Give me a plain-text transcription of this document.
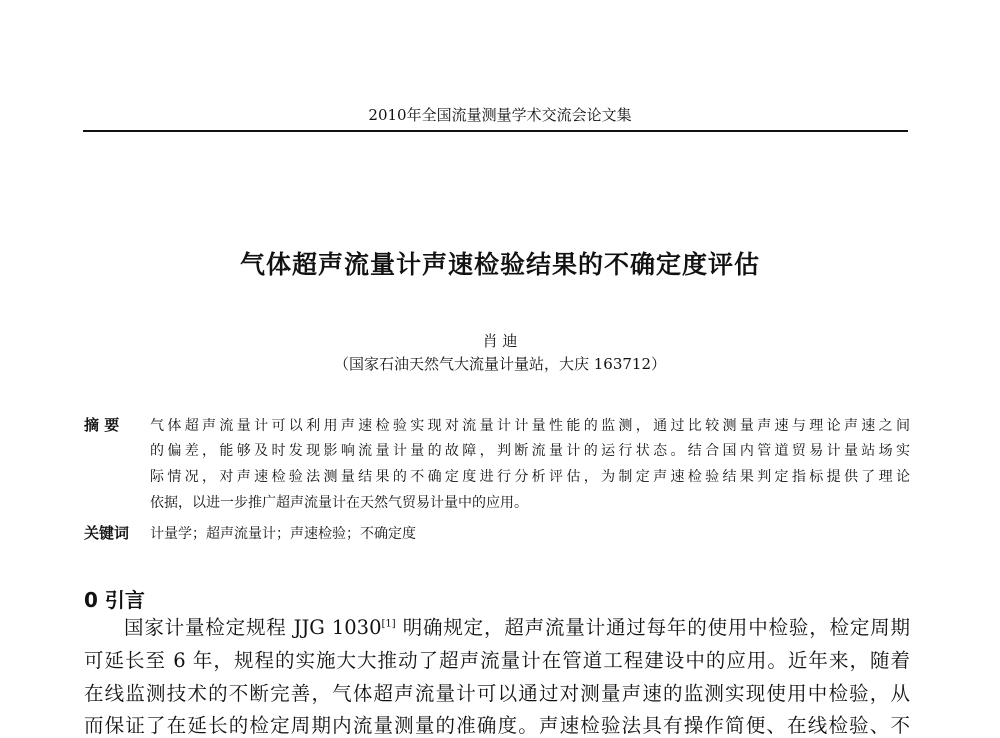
2010年全国流量测量学术交流会论文集
气体超声流量计声速检验结果的不确定度评估
肖 迪
（国家石油天然气大流量计量站，大庆 163712）
摘 要 气体超声流量计可以利用声速检验实现对流量计计量性能的监测，通过比较测量声速与理论声速之间
的偏差，能够及时发现影响流量计量的故障，判断流量计的运行状态。结合国内管道贸易计量站场实
际情况，对声速检验法测量结果的不确定度进行分析评估，为制定声速检验结果判定指标提供了理论
依据，以进一步推广超声流量计在天然气贸易计量中的应用。
关键词 计量学；超声流量计；声速检验；不确定度
0 引言
国家计量检定规程 JJG 1030[1] 明确规定，超声流量计通过每年的使用中检验，检定周期
可延长至 6 年，规程的实施大大推动了超声流量计在管道工程建设中的应用。近年来，随着
在线监测技术的不断完善，气体超声流量计可以通过对测量声速的监测实现使用中检验，从
而保证了在延长的检定周期内流量测量的准确度。声速检验法具有操作简便、在线检验、不
